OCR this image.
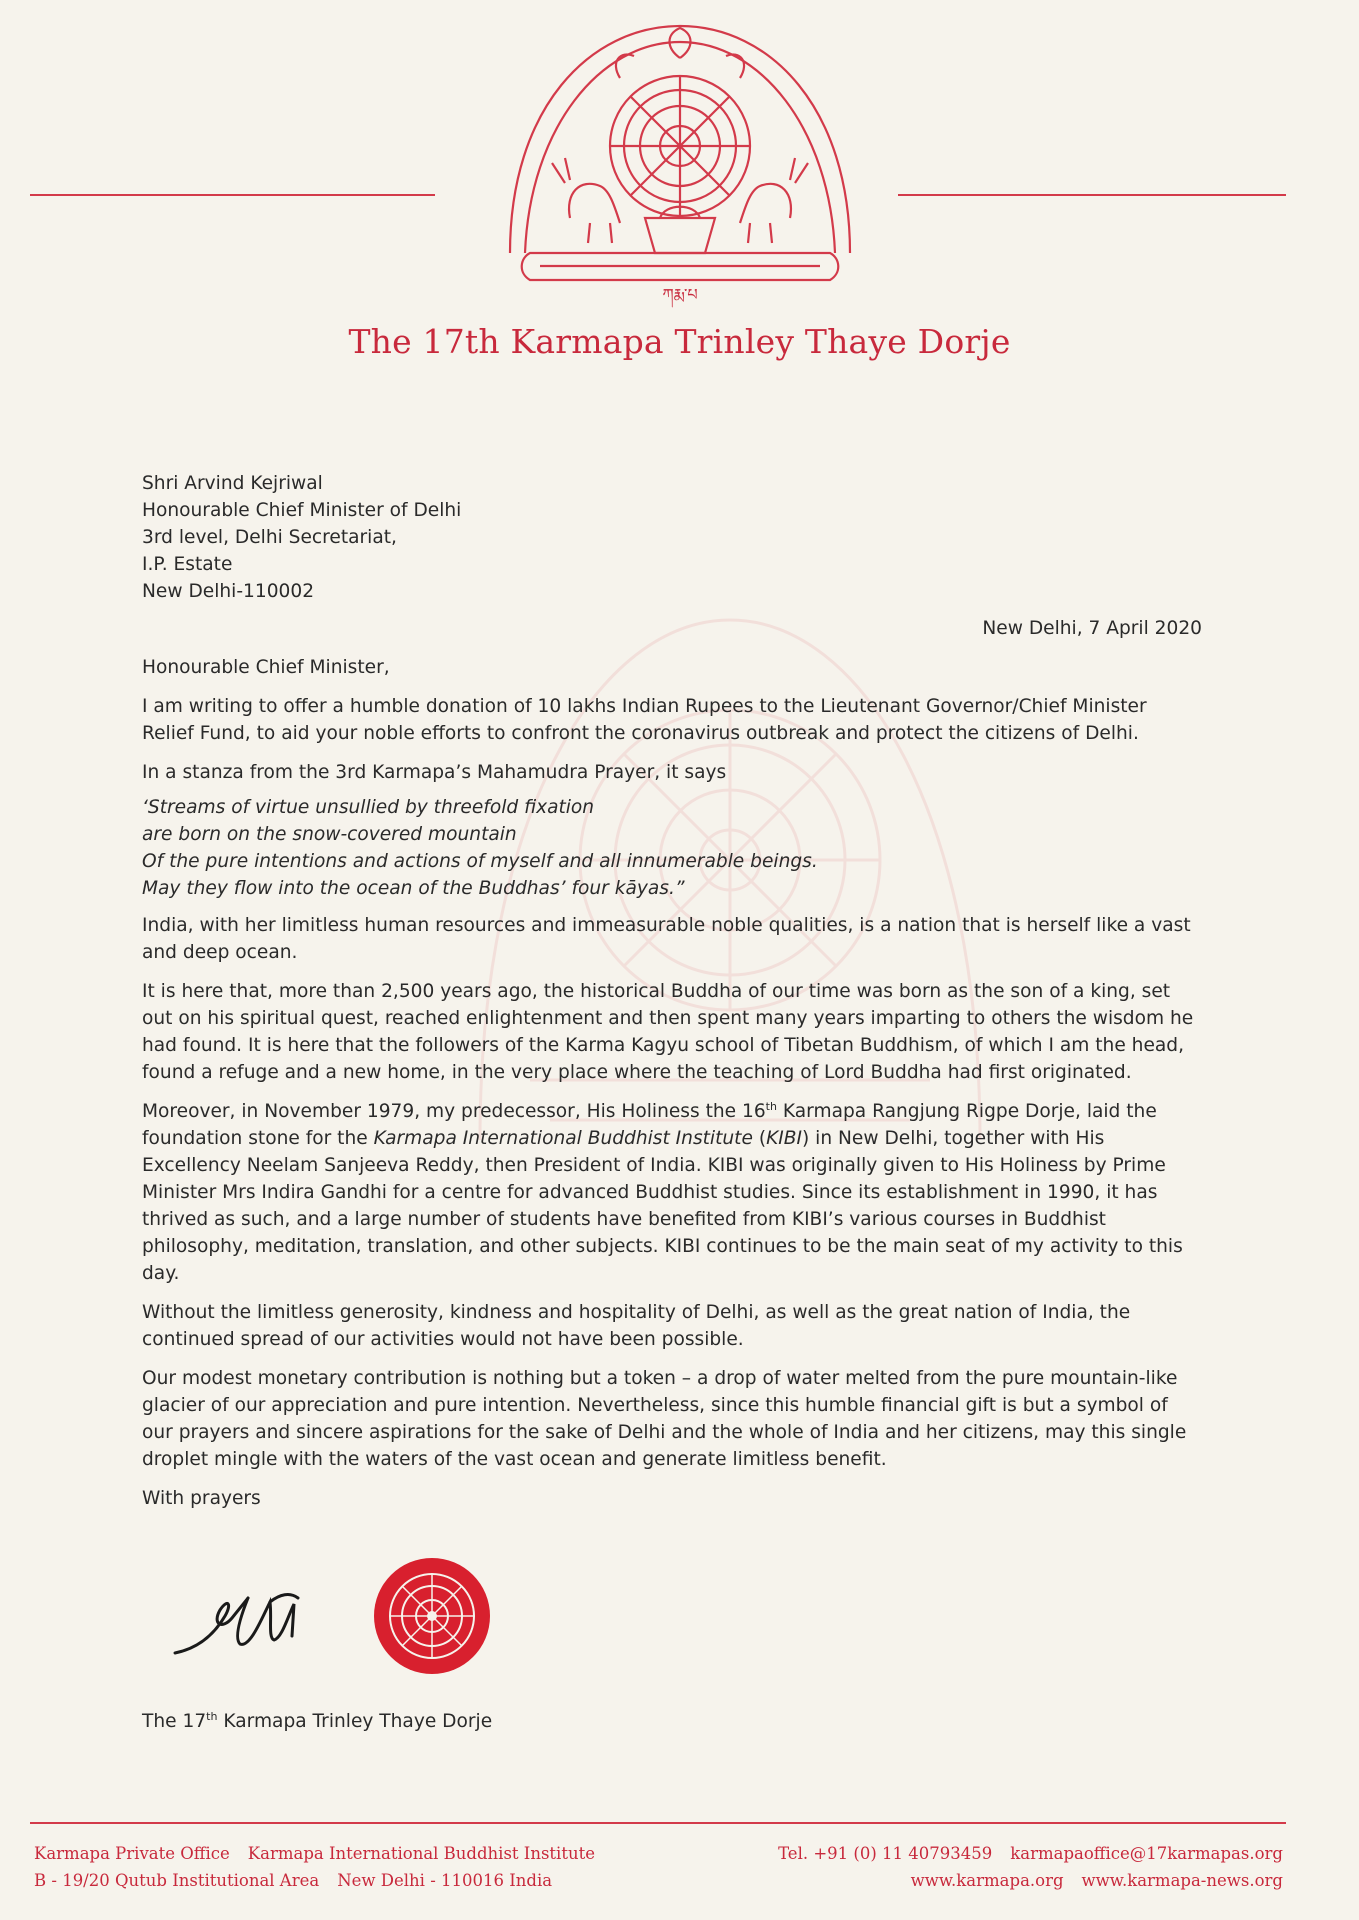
ཀརྨ་པ
The 17th Karmapa Trinley Thaye Dorje
Shri Arvind Kejriwal
Honourable Chief Minister of Delhi
3rd level, Delhi Secretariat,
I.P. Estate
New Delhi-110002
New Delhi, 7 April 2020

Honourable Chief Minister,

I am writing to offer a humble donation of 10 lakhs Indian Rupees to the Lieutenant Governor/Chief Minister Relief Fund, to aid your noble efforts to confront the coronavirus outbreak and protect the citizens of Delhi.

In a stanza from the 3rd Karmapa’s Mahamudra Prayer, it says

‘Streams of virtue unsullied by threefold fixation
are born on the snow-covered mountain
Of the pure intentions and actions of myself and all innumerable beings.
May they flow into the ocean of the Buddhas’ four kāyas.”

India, with her limitless human resources and immeasurable noble qualities, is a nation that is herself like a vast and deep ocean.

It is here that, more than 2,500 years ago, the historical Buddha of our time was born as the son of a king, set out on his spiritual quest, reached enlightenment and then spent many years imparting to others the wisdom he had found. It is here that the followers of the Karma Kagyu school of Tibetan Buddhism, of which I am the head, found a refuge and a new home, in the very place where the teaching of Lord Buddha had first originated.

Moreover, in November 1979, my predecessor, His Holiness the 16th Karmapa Rangjung Rigpe Dorje, laid the foundation stone for the Karmapa International Buddhist Institute (KIBI) in New Delhi, together with His Excellency Neelam Sanjeeva Reddy, then President of India. KIBI was originally given to His Holiness by Prime Minister Mrs Indira Gandhi for a centre for advanced Buddhist studies. Since its establishment in 1990, it has thrived as such, and a large number of students have benefited from KIBI’s various courses in Buddhist philosophy, meditation, translation, and other subjects. KIBI continues to be the main seat of my activity to this day.

Without the limitless generosity, kindness and hospitality of Delhi, as well as the great nation of India, the continued spread of our activities would not have been possible.

Our modest monetary contribution is nothing but a token – a drop of water melted from the pure mountain-like glacier of our appreciation and pure intention. Nevertheless, since this humble financial gift is but a symbol of our prayers and sincere aspirations for the sake of Delhi and the whole of India and her citizens, may this single droplet mingle with the waters of the vast ocean and generate limitless benefit.

With prayers

The 17th Karmapa Trinley Thaye Dorje
Karmapa Private Office Karmapa International Buddhist Institute
B - 19/20 Qutub Institutional Area New Delhi - 110016 India
Tel. +91 (0) 11 40793459 karmapaoffice@17karmapas.org
www.karmapa.org www.karmapa-news.org
